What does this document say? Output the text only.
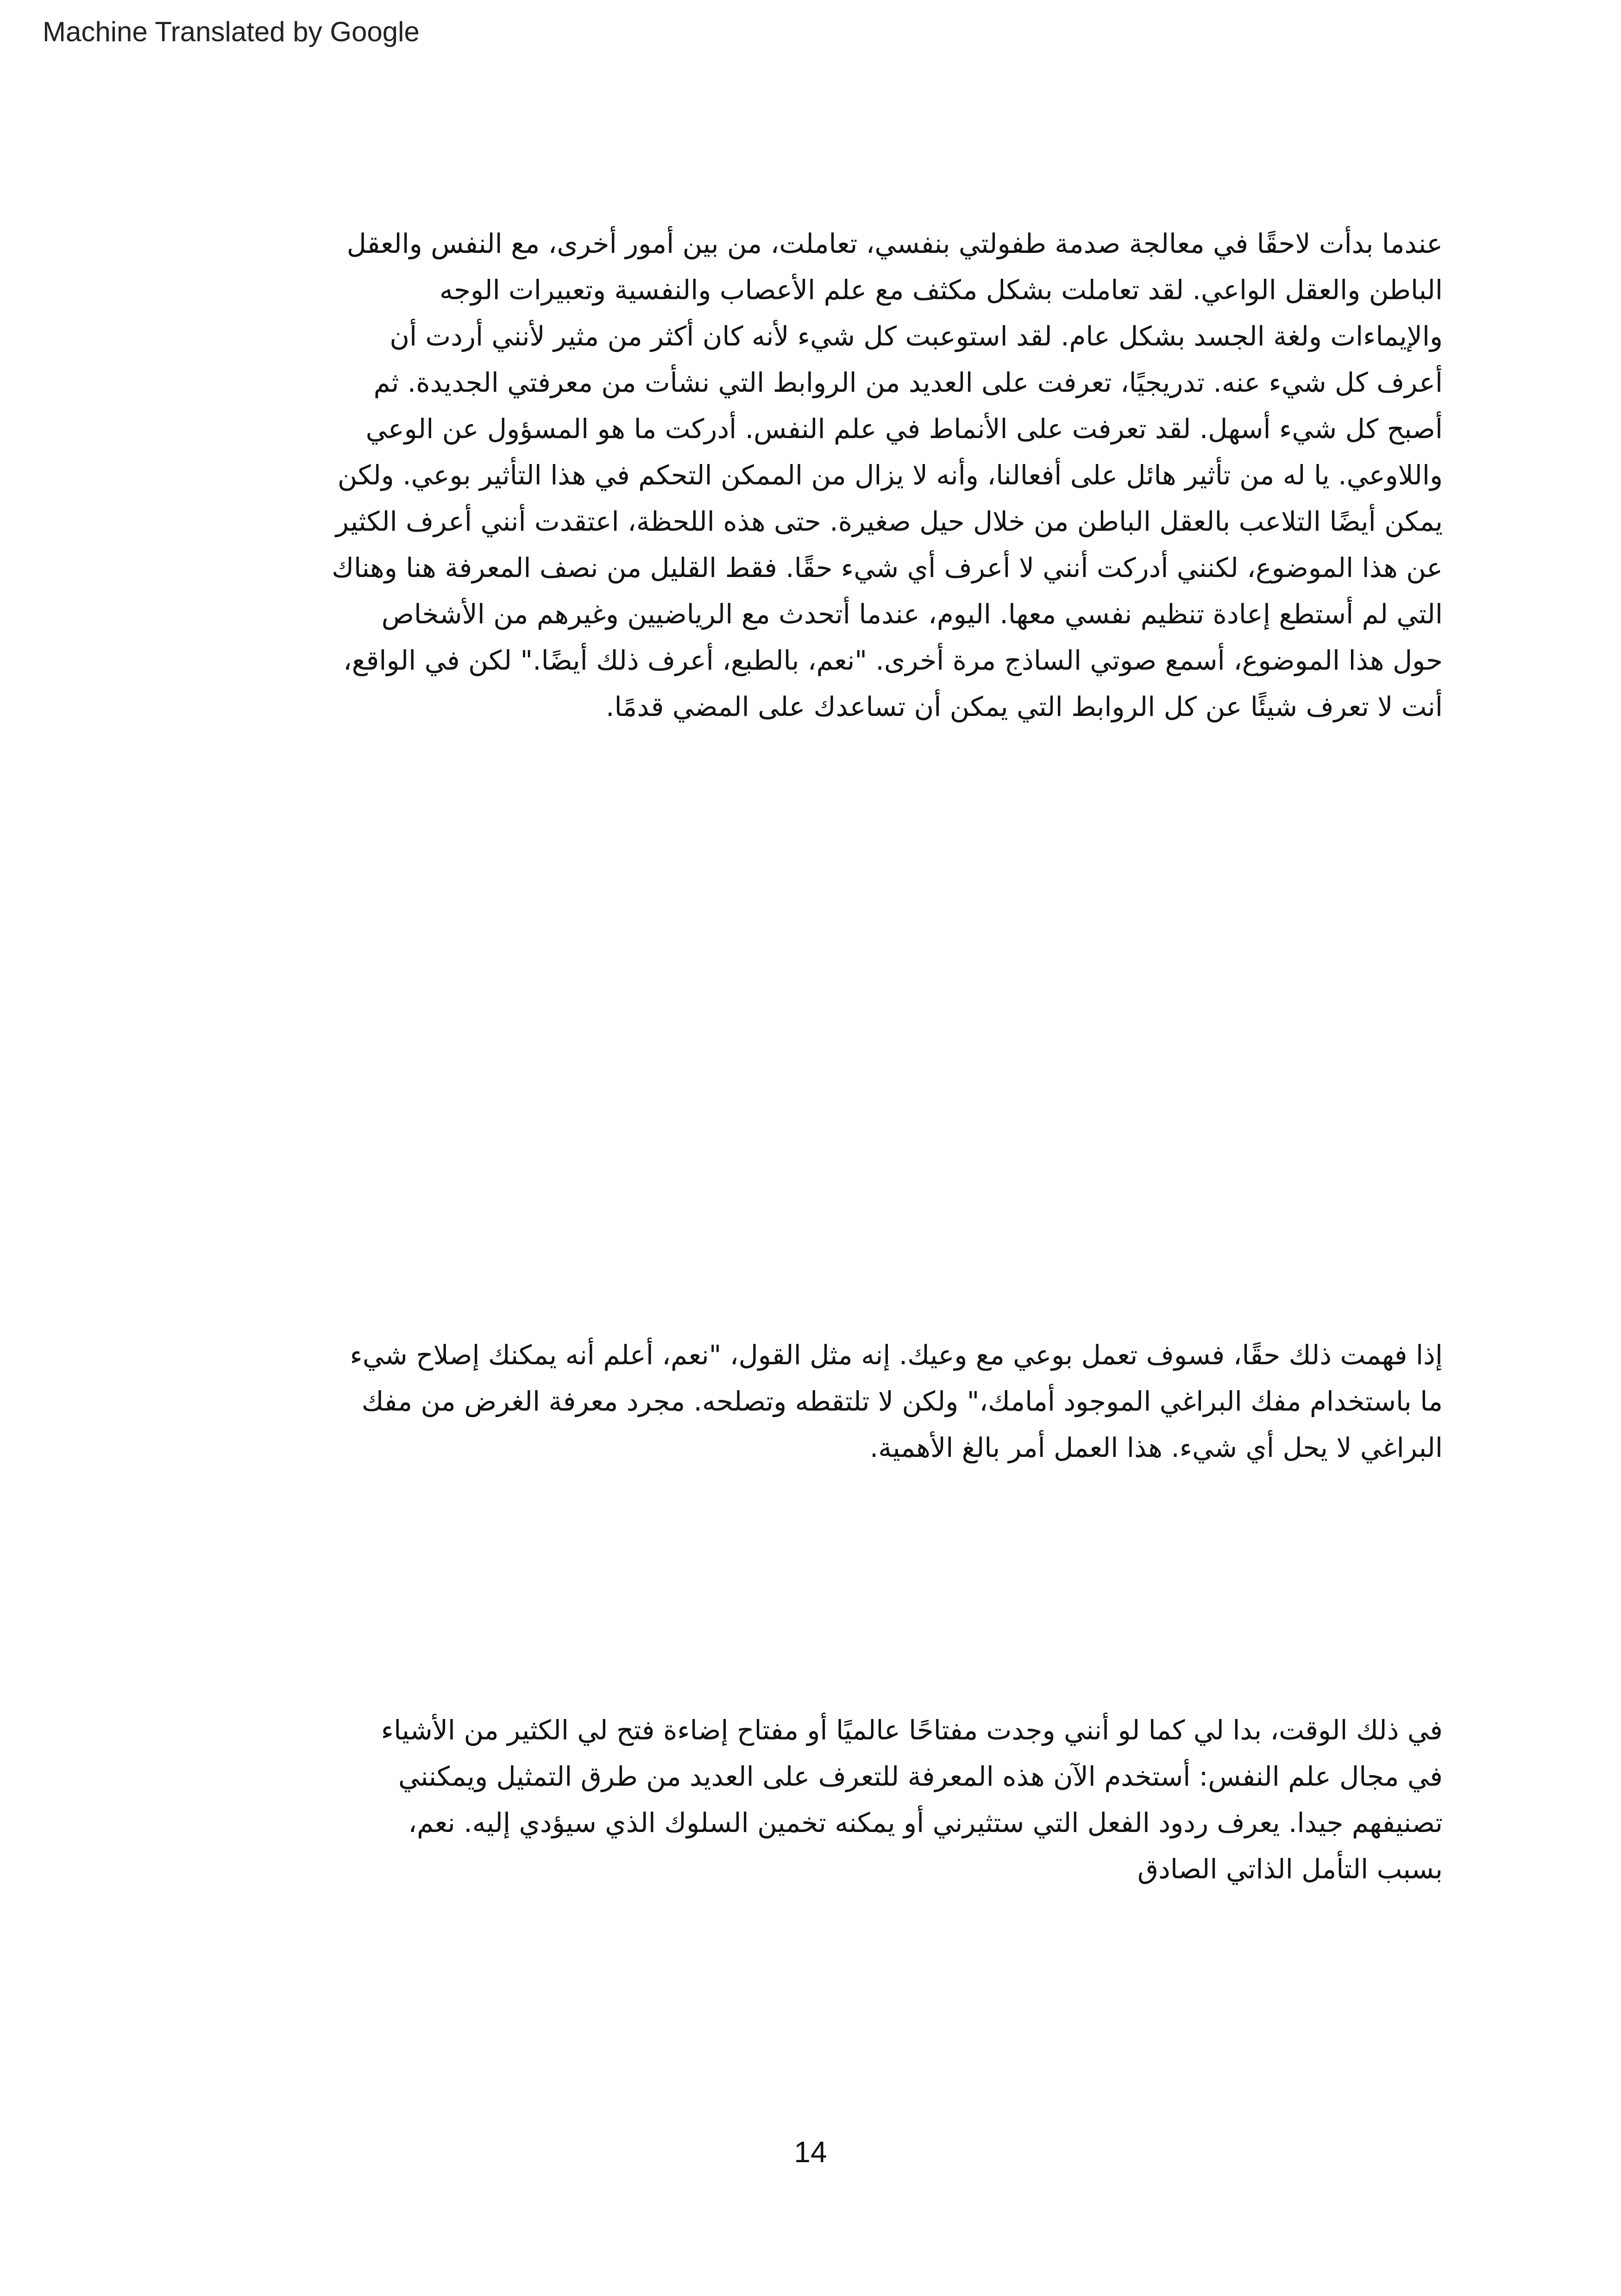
Machine Translated by Google
عندما بدأت لاحقًا في معالجة صدمة طفولتي بنفسي، تعاملت، من بين أمور أخرى، مع النفس والعقل
الباطن والعقل الواعي. لقد تعاملت بشكل مكثف مع علم الأعصاب والنفسية وتعبيرات الوجه
والإيماءات ولغة الجسد بشكل عام. لقد استوعبت كل شيء لأنه كان أكثر من مثير لأنني أردت أن
أعرف كل شيء عنه. تدريجيًا، تعرفت على العديد من الروابط التي نشأت من معرفتي الجديدة. ثم
أصبح كل شيء أسهل. لقد تعرفت على الأنماط في علم النفس. أدركت ما هو المسؤول عن الوعي
واللاوعي. يا له من تأثير هائل على أفعالنا، وأنه لا يزال من الممكن التحكم في هذا التأثير بوعي. ولكن
يمكن أيضًا التلاعب بالعقل الباطن من خلال حيل صغيرة. حتى هذه اللحظة، اعتقدت أنني أعرف الكثير
عن هذا الموضوع، لكنني أدركت أنني لا أعرف أي شيء حقًا. فقط القليل من نصف المعرفة هنا وهناك
التي لم أستطع إعادة تنظيم نفسي معها. اليوم، عندما أتحدث مع الرياضيين وغيرهم من الأشخاص
حول هذا الموضوع، أسمع صوتي الساذج مرة أخرى. "نعم، بالطبع، أعرف ذلك أيضًا." لكن في الواقع،
أنت لا تعرف شيئًا عن كل الروابط التي يمكن أن تساعدك على المضي قدمًا.
إذا فهمت ذلك حقًا، فسوف تعمل بوعي مع وعيك. إنه مثل القول، "نعم، أعلم أنه يمكنك إصلاح شيء
ما باستخدام مفك البراغي الموجود أمامك،" ولكن لا تلتقطه وتصلحه. مجرد معرفة الغرض من مفك
البراغي لا يحل أي شيء. هذا العمل أمر بالغ الأهمية.
في ذلك الوقت، بدا لي كما لو أنني وجدت مفتاحًا عالميًا أو مفتاح إضاءة فتح لي الكثير من الأشياء
في مجال علم النفس: أستخدم الآن هذه المعرفة للتعرف على العديد من طرق التمثيل ويمكنني
تصنيفهم جيدا. يعرف ردود الفعل التي ستثيرني أو يمكنه تخمين السلوك الذي سيؤدي إليه. نعم،
بسبب التأمل الذاتي الصادق
14
